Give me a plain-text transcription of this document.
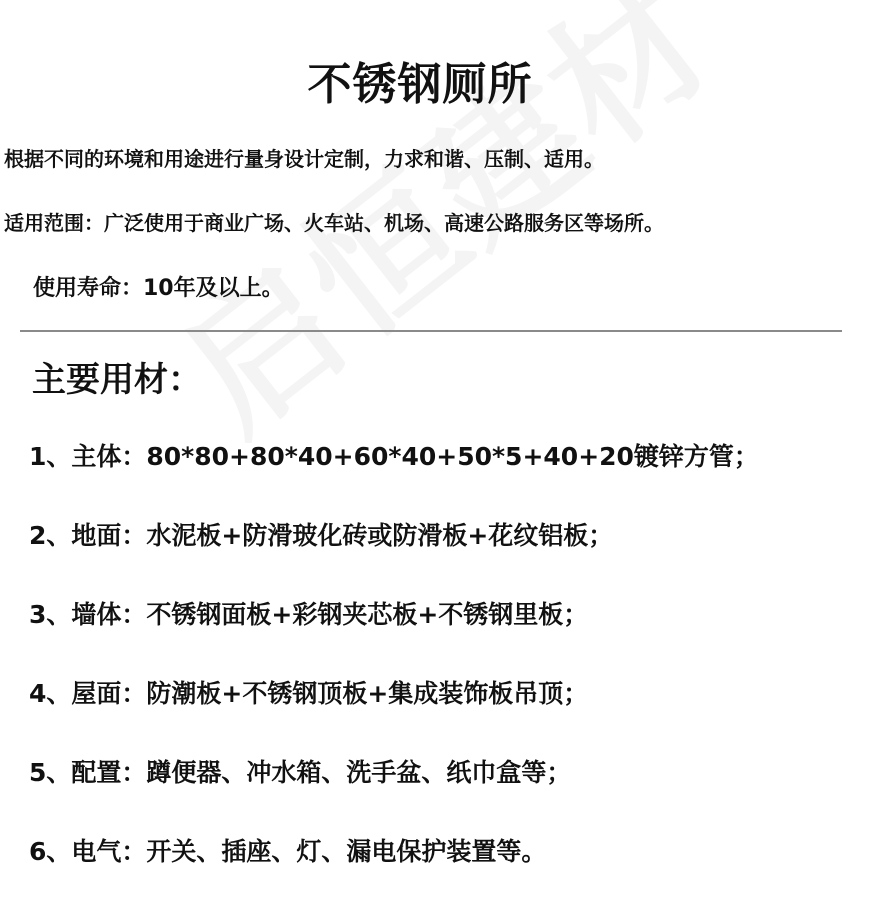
不锈钢厕所
根据不同的环境和用途进行量身设计定制，力求和谐、压制、适用。
适用范围：广泛使用于商业广场、火车站、机场、高速公路服务区等场所。
使用寿命：10年及以上。
主要用材：
1、主体：80*80+80*40+60*40+50*5+40+20镀锌方管；
2、地面：水泥板+防滑玻化砖或防滑板+花纹铝板；
3、墙体：不锈钢面板+彩钢夹芯板+不锈钢里板；
4、屋面：防潮板+不锈钢顶板+集成装饰板吊顶；
5、配置：蹲便器、冲水箱、洗手盆、纸巾盒等；
6、电气：开关、插座、灯、漏电保护装置等。
